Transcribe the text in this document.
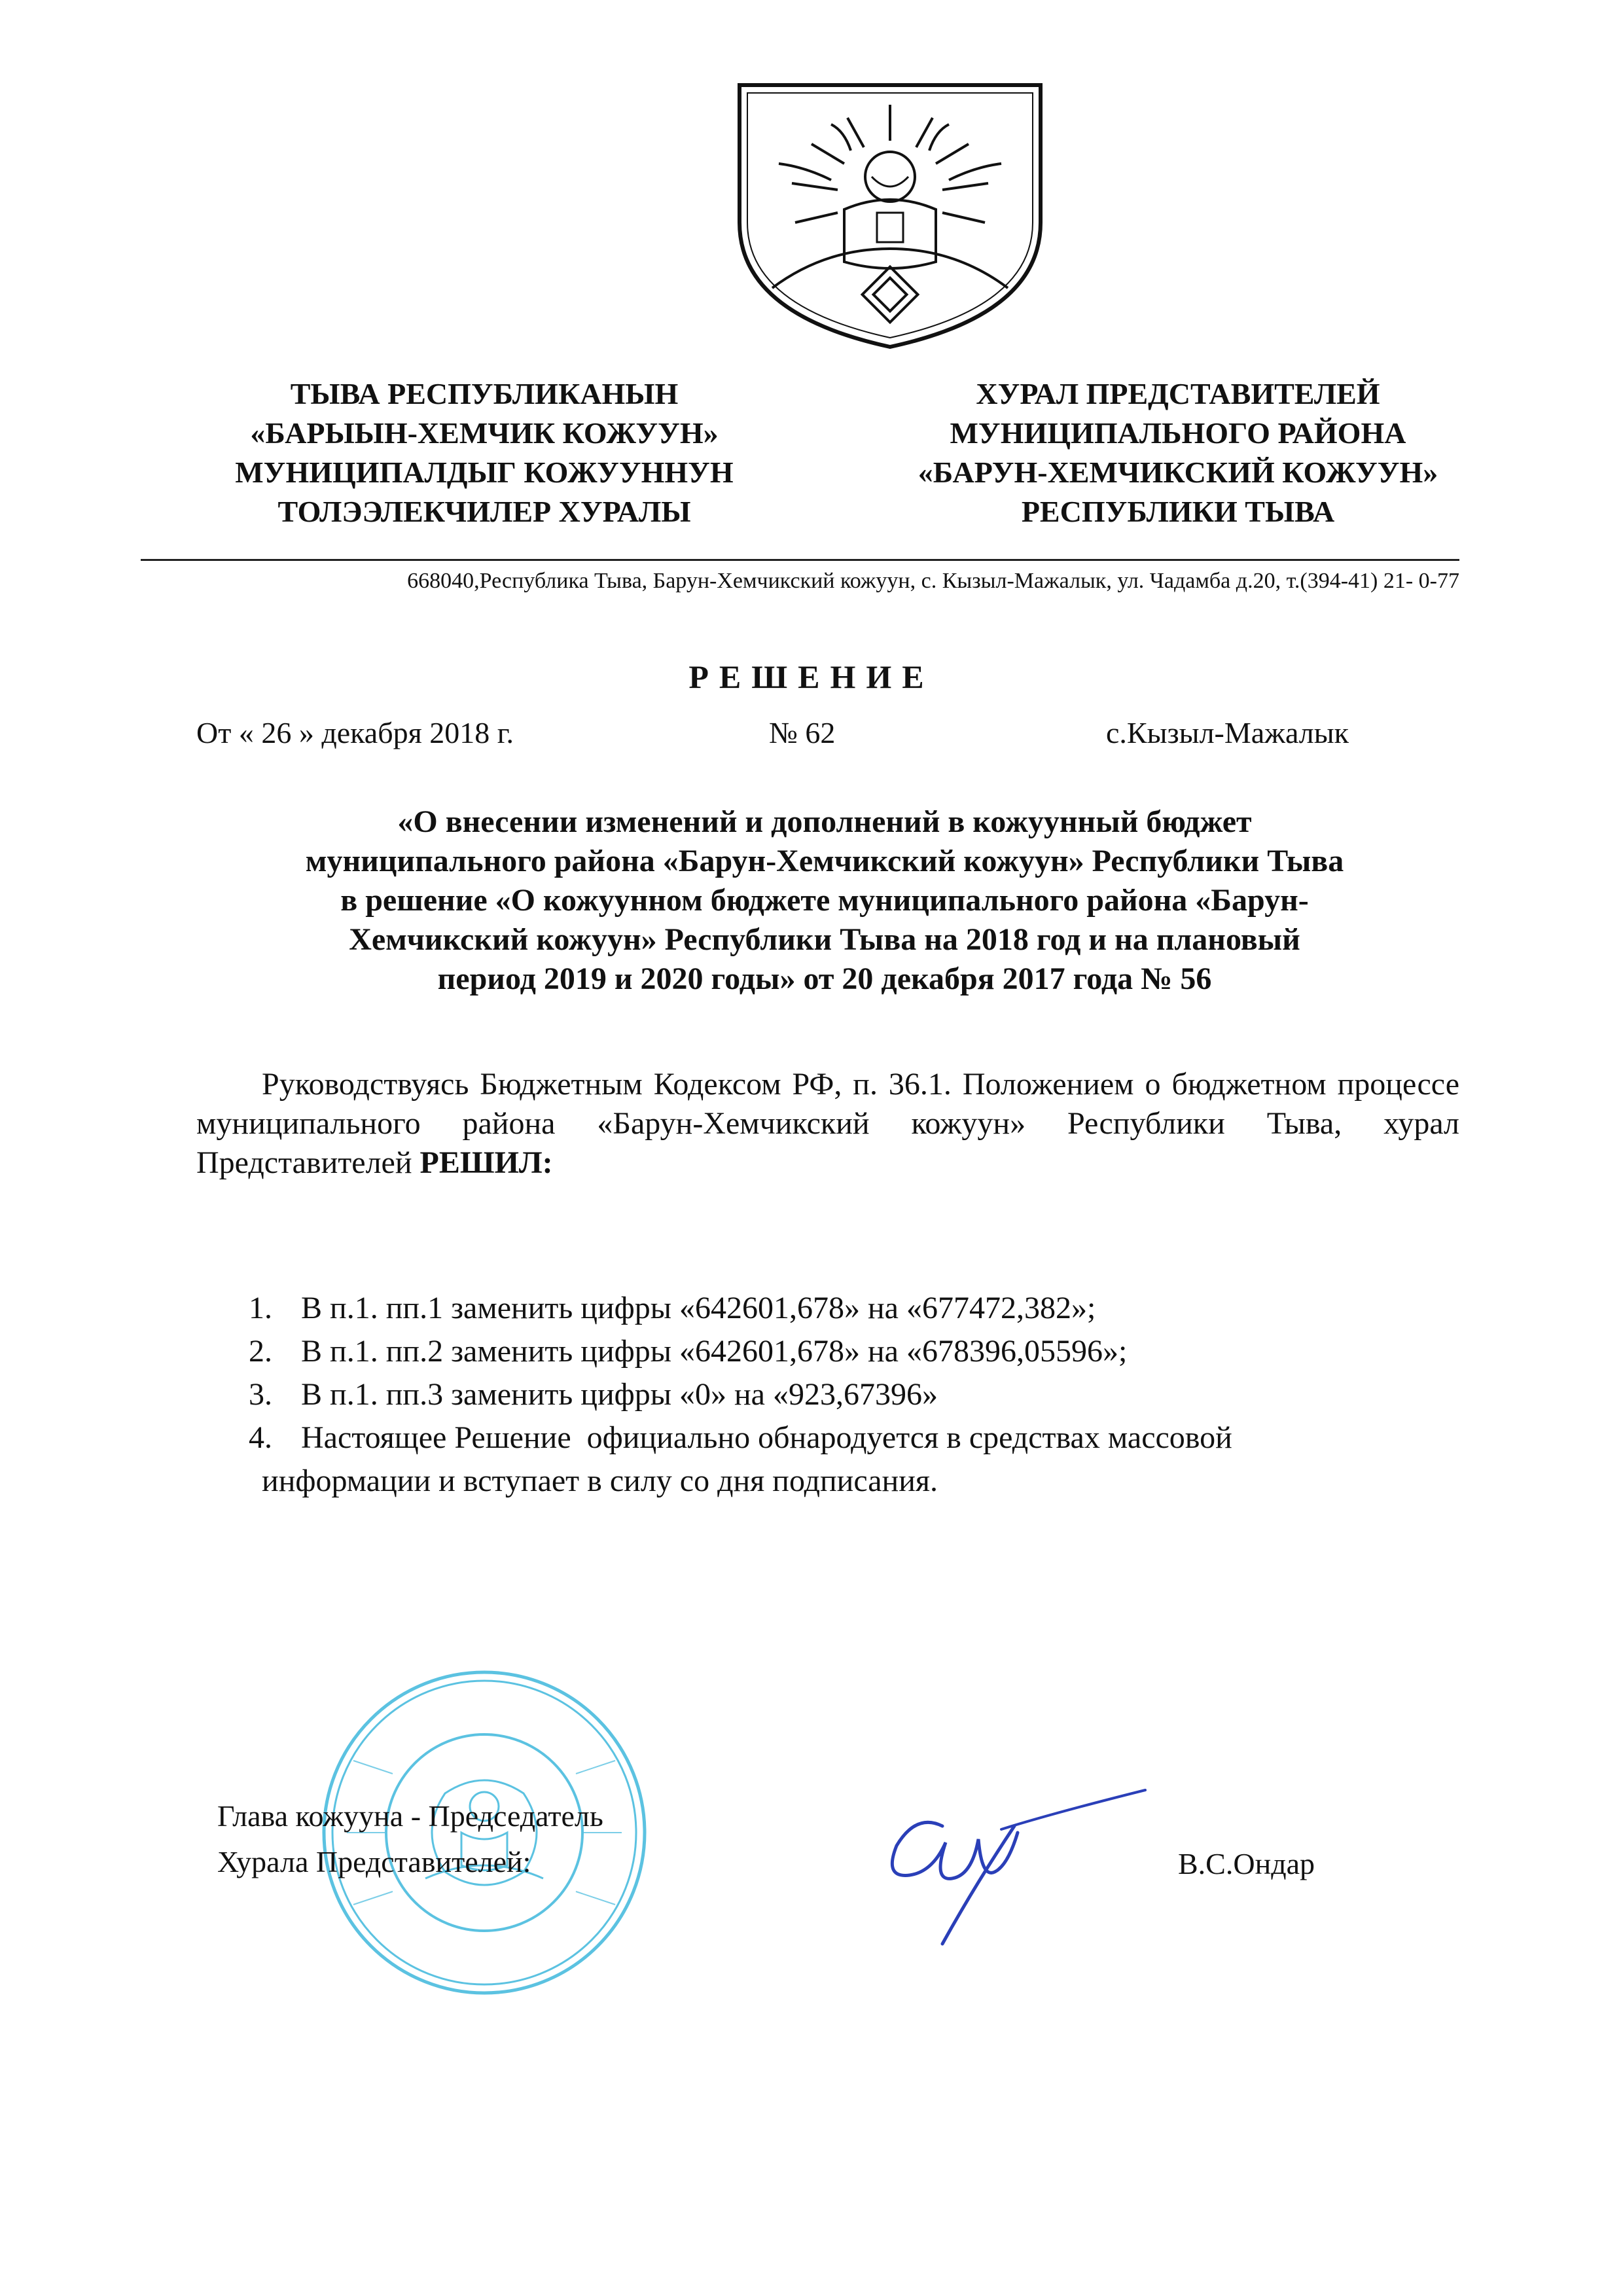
ТЫВА РЕСПУБЛИКАНЫН
«БАРЫЫН-ХЕМЧИК КОЖУУН»
МУНИЦИПАЛДЫГ КОЖУУННУН
ТОЛЭЭЛЕКЧИЛЕР ХУРАЛЫ
ХУРАЛ ПРЕДСТАВИТЕЛЕЙ
МУНИЦИПАЛЬНОГО РАЙОНА
«БАРУН-ХЕМЧИКСКИЙ КОЖУУН»
РЕСПУБЛИКИ ТЫВА
668040,Республика Тыва, Барун-Хемчикский кожуун, с. Кызыл-Мажалык, ул. Чадамба д.20, т.(394-41) 21- 0-77
РЕШЕНИЕ
От « 26 » декабря 2018 г.	№ 62	с.Кызыл-Мажалык
«О внесении изменений и дополнений в кожуунный бюджет
муниципального района «Барун-Хемчикский кожуун» Республики Тыва
в решение «О кожуунном бюджете муниципального района «Барун-
Хемчикский кожуун» Республики Тыва на 2018 год и на плановый
период 2019 и 2020 годы» от 20 декабря 2017 года № 56

Руководствуясь Бюджетным Кодексом РФ, п. 36.1. Положением о бюджетном процессе муниципального района «Барун-Хемчикский кожуун» Республики Тыва, хурал Представителей РЕШИЛ:

1. В п.1. пп.1 заменить цифры «642601,678» на «677472,382»;
2. В п.1. пп.2 заменить цифры «642601,678» на «678396,05596»;
3. В п.1. пп.3 заменить цифры «0» на «923,67396»
4. Настоящее Решение  официально обнародуется в средствах массовой
информации и вступает в силу со дня подписания.
Глава кожууна - Председатель
Хурала Представителей:	В.С.Ондар
